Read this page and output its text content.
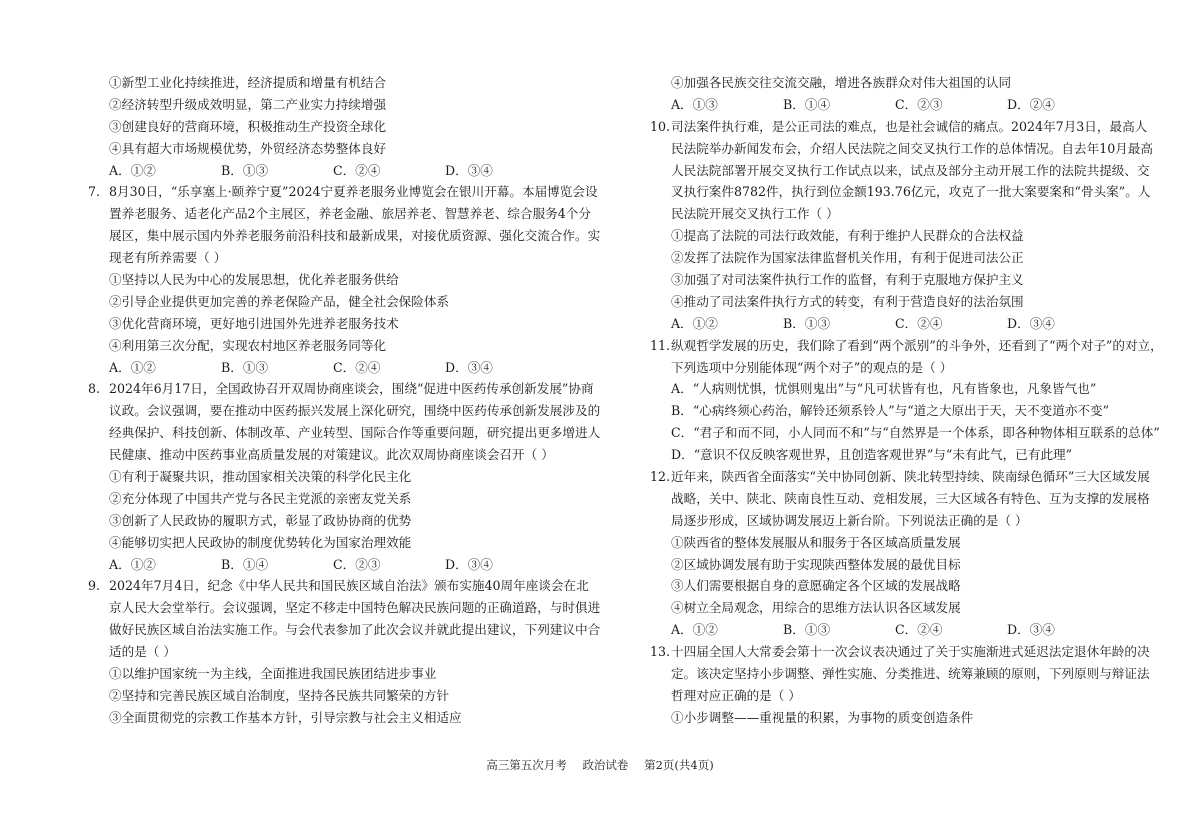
①新型工业化持续推进，经济提质和增量有机结合
②经济转型升级成效明显，第二产业实力持续增强
③创建良好的营商环境，积极推动生产投资全球化
④具有超大市场规模优势，外贸经济态势整体良好
A．①②	B．①③	C．②④	D．③④
7. 8月30日，“乐享塞上·颐养宁夏”2024宁夏养老服务业博览会在银川开幕。本届博览会设
置养老服务、适老化产品2个主展区，养老金融、旅居养老、智慧养老、综合服务4个分
展区，集中展示国内外养老服务前沿科技和最新成果，对接优质资源、强化交流合作。实
现老有所养需要（ ）
①坚持以人民为中心的发展思想，优化养老服务供给
②引导企业提供更加完善的养老保险产品，健全社会保险体系
③优化营商环境，更好地引进国外先进养老服务技术
④利用第三次分配，实现农村地区养老服务同等化
A．①②	B．①③	C．②④	D．③④
8. 2024年6月17日，全国政协召开双周协商座谈会，围绕“促进中医药传承创新发展”协商
议政。会议强调，要在推动中医药振兴发展上深化研究，围绕中医药传承创新发展涉及的
经典保护、科技创新、体制改革、产业转型、国际合作等重要问题，研究提出更多增进人
民健康、推动中医药事业高质量发展的对策建议。此次双周协商座谈会召开（ ）
①有利于凝聚共识，推动国家相关决策的科学化民主化
②充分体现了中国共产党与各民主党派的亲密友党关系
③创新了人民政协的履职方式，彰显了政协协商的优势
④能够切实把人民政协的制度优势转化为国家治理效能
A．①②	B．①④	C．②③	D．③④
9. 2024年7月4日，纪念《中华人民共和国民族区域自治法》颁布实施40周年座谈会在北
京人民大会堂举行。会议强调，坚定不移走中国特色解决民族问题的正确道路，与时俱进
做好民族区域自治法实施工作。与会代表参加了此次会议并就此提出建议，下列建议中合
适的是（ ）
①以维护国家统一为主线，全面推进我国民族团结进步事业
②坚持和完善民族区域自治制度，坚持各民族共同繁荣的方针
③全面贯彻党的宗教工作基本方针，引导宗教与社会主义相适应
④加强各民族交往交流交融，增进各族群众对伟大祖国的认同
A．①③	B．①④	C．②③	D．②④
10. 司法案件执行难，是公正司法的难点，也是社会诚信的痛点。2024年7月3日，最高人
民法院举办新闻发布会，介绍人民法院之间交叉执行工作的总体情况。自去年10月最高
人民法院部署开展交叉执行工作试点以来，试点及部分主动开展工作的法院共提级、交
叉执行案件8782件，执行到位金额193.76亿元，攻克了一批大案要案和“骨头案”。人
民法院开展交叉执行工作（ ）
①提高了法院的司法行政效能，有利于维护人民群众的合法权益
②发挥了法院作为国家法律监督机关作用，有利于促进司法公正
③加强了对司法案件执行工作的监督，有利于克服地方保护主义
④推动了司法案件执行方式的转变，有利于营造良好的法治氛围
A．①②	B．①③	C．②④	D．③④
11. 纵观哲学发展的历史，我们除了看到“两个派别”的斗争外，还看到了“两个对子”的对立，
下列选项中分别能体现“两个对子”的观点的是（ ）
A．“人病则忧惧，忧惧则鬼出”与“凡可状皆有也，凡有皆象也，凡象皆气也”
B．“心病终须心药治，解铃还须系铃人”与“道之大原出于天，天不变道亦不变”
C．“君子和而不同，小人同而不和”与“自然界是一个体系，即各种物体相互联系的总体”
D．“意识不仅反映客观世界，且创造客观世界”与“未有此气，已有此理”
12. 近年来，陕西省全面落实“关中协同创新、陕北转型持续、陕南绿色循环”三大区域发展
战略，关中、陕北、陕南良性互动、竞相发展，三大区域各有特色、互为支撑的发展格
局逐步形成，区域协调发展迈上新台阶。下列说法正确的是（ ）
①陕西省的整体发展服从和服务于各区域高质量发展
②区域协调发展有助于实现陕西整体发展的最优目标
③人们需要根据自身的意愿确定各个区域的发展战略
④树立全局观念，用综合的思维方法认识各区域发展
A．①②	B．①③	C．②④	D．③④
13. 十四届全国人大常委会第十一次会议表决通过了关于实施渐进式延迟法定退休年龄的决
定。该决定坚持小步调整、弹性实施、分类推进、统筹兼顾的原则，下列原则与辩证法
哲理对应正确的是（ ）
①小步调整——重视量的积累，为事物的质变创造条件
高三第五次月考 政治试卷 第2页(共4页)
